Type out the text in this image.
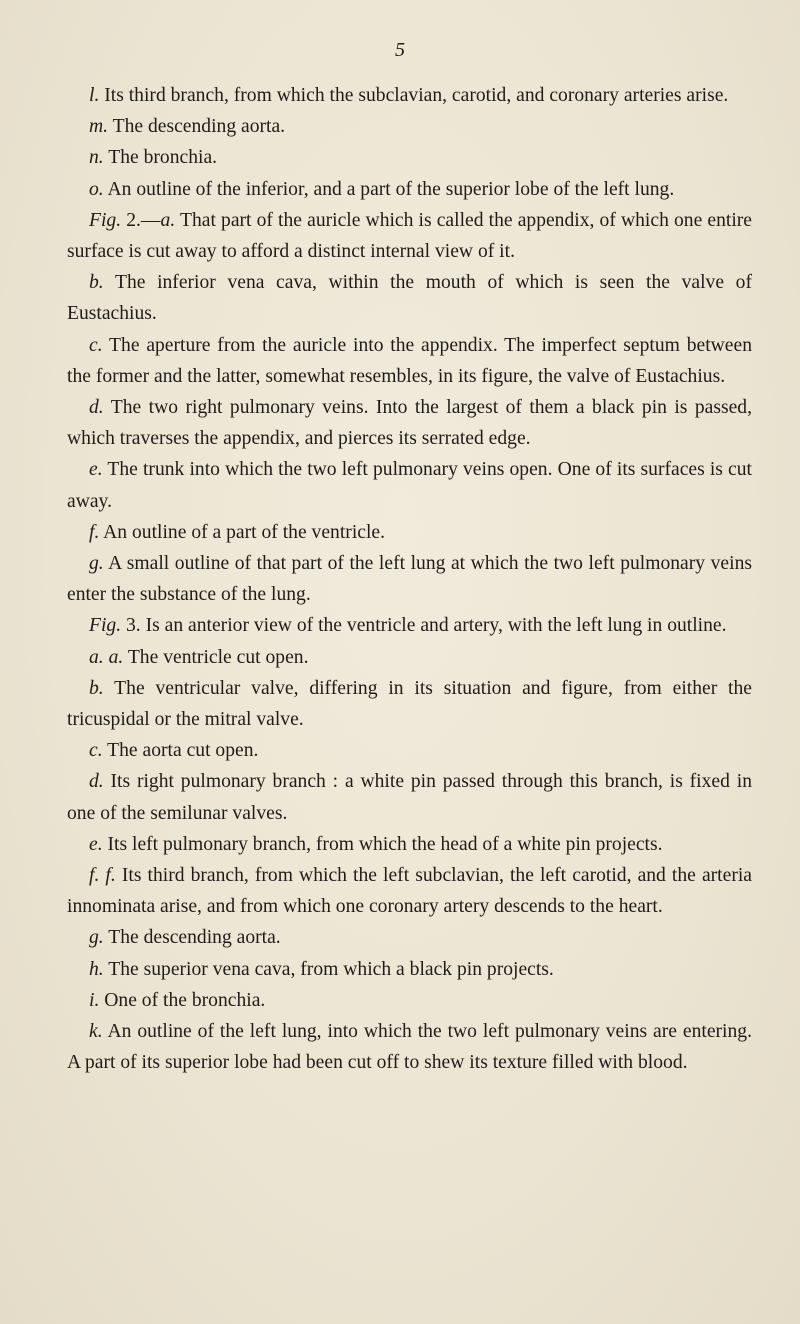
5

l. Its third branch, from which the subclavian, carotid, and coronary arteries arise.

m. The descending aorta.

n. The bronchia.

o. An outline of the inferior, and a part of the superior lobe of the left lung.

Fig. 2.—a. That part of the auricle which is called the appendix, of which one entire surface is cut away to afford a distinct internal view of it.

b. The inferior vena cava, within the mouth of which is seen the valve of Eustachius.

c. The aperture from the auricle into the appendix. The imperfect septum between the former and the latter, somewhat resembles, in its figure, the valve of Eustachius.

d. The two right pulmonary veins. Into the largest of them a black pin is passed, which traverses the appendix, and pierces its serrated edge.

e. The trunk into which the two left pulmonary veins open. One of its surfaces is cut away.

f. An outline of a part of the ventricle.

g. A small outline of that part of the left lung at which the two left pulmonary veins enter the substance of the lung.

Fig. 3. Is an anterior view of the ventricle and artery, with the left lung in outline.

a. a. The ventricle cut open.

b. The ventricular valve, differing in its situation and figure, from either the tricuspidal or the mitral valve.

c. The aorta cut open.

d. Its right pulmonary branch : a white pin passed through this branch, is fixed in one of the semilunar valves.

e. Its left pulmonary branch, from which the head of a white pin projects.

f. f. Its third branch, from which the left subclavian, the left carotid, and the arteria innominata arise, and from which one coronary artery descends to the heart.

g. The descending aorta.

h. The superior vena cava, from which a black pin projects.

i. One of the bronchia.

k. An outline of the left lung, into which the two left pulmonary veins are entering. A part of its superior lobe had been cut off to shew its texture filled with blood.
